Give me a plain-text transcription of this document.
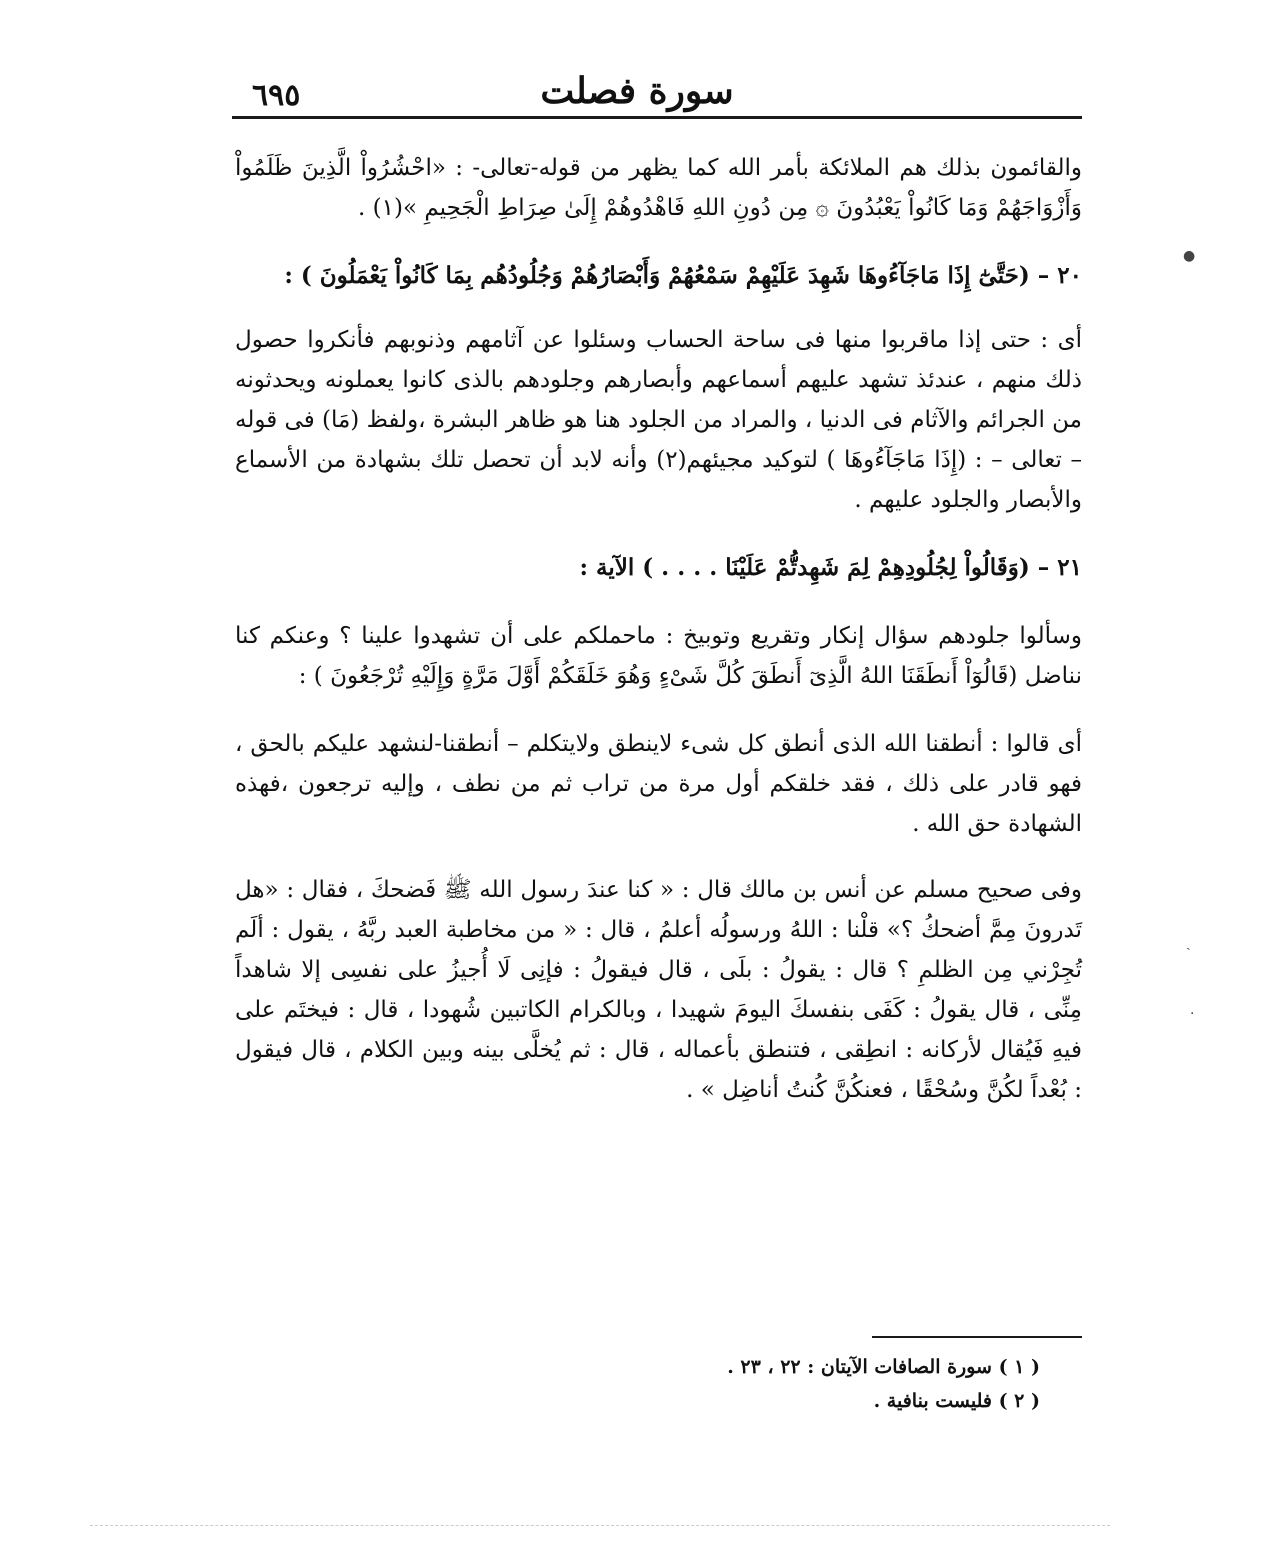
٦٩٥	سورة فصلت

والقائمون بذلك هم الملائكة بأمر الله كما يظهر من قوله-تعالى- : «احْشُرُواْ الَّذِينَ ظَلَمُواْ وَأَزْوَاجَهُمْ وَمَا كَانُواْ يَعْبُدُونَ ۞ مِن دُونِ اللهِ فَاهْدُوهُمْ إِلَىٰ صِرَاطِ الْجَحِيمِ »(١) .

٢٠ – (حَتَّىٰٓ إِذَا مَاجَآءُوهَا شَهِدَ عَلَيْهِمْ سَمْعُهُمْ وَأَبْصَارُهُمْ وَجُلُودُهُم بِمَا كَانُواْ يَعْمَلُونَ ) :

أى : حتى إذا ماقربوا منها فى ساحة الحساب وسئلوا عن آثامهم وذنوبهم فأنكروا حصول ذلك منهم ، عندئذ تشهد عليهم أسماعهم وأبصارهم وجلودهم بالذى كانوا يعملونه ويحدثونه من الجرائم والآثام فى الدنيا ، والمراد من الجلود هنا هو ظاهر البشرة ،ولفظ (مَا) فى قوله – تعالى – : (إِذَا مَاجَآءُوهَا ) لتوكيد مجيئهم(٢) وأنه لابد أن تحصل تلك بشهادة من الأسماع والأبصار والجلود عليهم .

٢١ – (وَقَالُواْ لِجُلُودِهِمْ لِمَ شَهِدتُّمْ عَلَيْنَا . . . . ) الآية :

وسألوا جلودهم سؤال إنكار وتقريع وتوبيخ : ماحملكم على أن تشهدوا علينا ؟ وعنكم كنا نناضل (قَالُوٓاْ أَنطَقَنَا اللهُ الَّذِىٓ أَنطَقَ كُلَّ شَىْءٍ وَهُوَ خَلَقَكُمْ أَوَّلَ مَرَّةٍ وَإِلَيْهِ تُرْجَعُونَ ) :

أى قالوا : أنطقنا الله الذى أنطق كل شىء لاينطق ولايتكلم – أنطقنا-لنشهد عليكم بالحق ، فهو قادر على ذلك ، فقد خلقكم أول مرة من تراب ثم من نطف ، وإليه ترجعون ،فهذه الشهادة حق الله .

وفى صحيح مسلم عن أنس بن مالك قال : « كنا عندَ رسول الله ﷺ فَضحكَ ، فقال : «هل تَدرونَ مِمَّ أضحكُ ؟» قلْنا : اللهُ ورسولُه أعلمُ ، قال : « من مخاطبة العبد ربَّهُ ، يقول : ألَم تُجِرْني مِن الظلمِ ؟ قال : يقولُ : بلَى ، قال فيقولُ : فإنِى لَا أُجيزُ على نفسِى إلا شاهداً مِنِّى ، قال يقولُ : كَفَى بنفسكَ اليومَ شهيدا ، وبالكرام الكاتبين شُهودا ، قال : فيختَم على فيهِ فَيُقال لأركانه : انطِقى ، فتنطق بأعماله ، قال : ثم يُخلَّى بينه وبين الكلام ، قال فيقول : بُعْداً لكُنَّ وسُحْقًا ، فعنكُنَّ كُنتُ أناضِل » .

( ١ ) سورة الصافات الآيتان : ٢٢ ، ٢٣ .

( ٢ ) فليست بنافية .

●
ˎ
·
